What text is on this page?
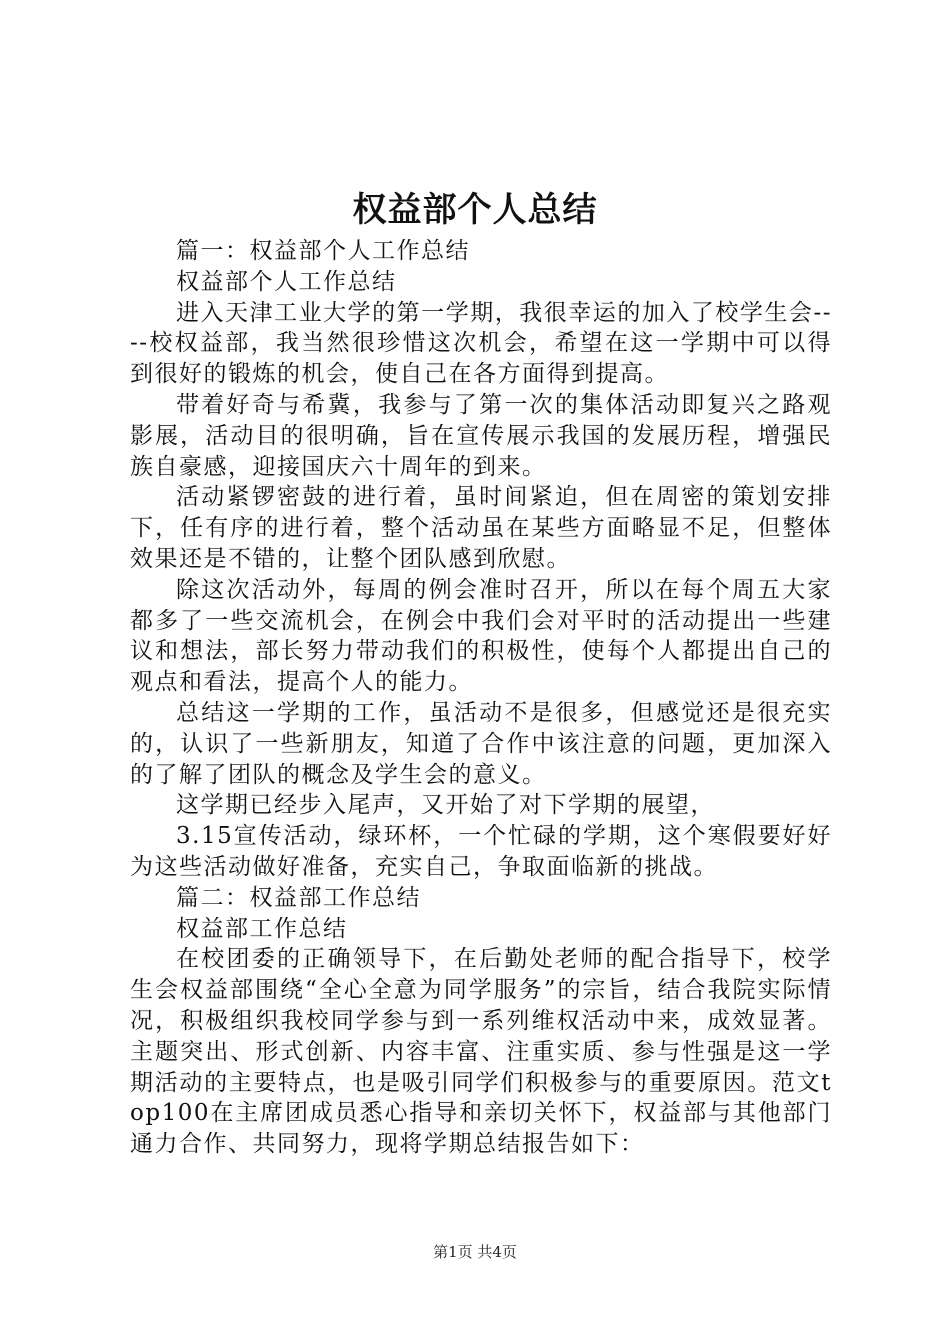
权益部个人总结

篇一：权益部个人工作总结

权益部个人工作总结

进入天津工业大学的第一学期，我很幸运的加入了校学生会----校权益部，我当然很珍惜这次机会，希望在这一学期中可以得到很好的锻炼的机会，使自己在各方面得到提高。

带着好奇与希冀，我参与了第一次的集体活动即复兴之路观影展，活动目的很明确，旨在宣传展示我国的发展历程，增强民族自豪感，迎接国庆六十周年的到来。

活动紧锣密鼓的进行着，虽时间紧迫，但在周密的策划安排下，任有序的进行着，整个活动虽在某些方面略显不足，但整体效果还是不错的，让整个团队感到欣慰。

除这次活动外，每周的例会准时召开，所以在每个周五大家都多了一些交流机会，在例会中我们会对平时的活动提出一些建议和想法，部长努力带动我们的积极性，使每个人都提出自己的观点和看法，提高个人的能力。

总结这一学期的工作，虽活动不是很多，但感觉还是很充实的，认识了一些新朋友，知道了合作中该注意的问题，更加深入的了解了团队的概念及学生会的意义。

这学期已经步入尾声，又开始了对下学期的展望，

3.15宣传活动，绿环杯，一个忙碌的学期，这个寒假要好好为这些活动做好准备，充实自己，争取面临新的挑战。

篇二：权益部工作总结

权益部工作总结

在校团委的正确领导下，在后勤处老师的配合指导下，校学生会权益部围绕“全心全意为同学服务”的宗旨，结合我院实际情况，积极组织我校同学参与到一系列维权活动中来，成效显著。主题突出、形式创新、内容丰富、注重实质、参与性强是这一学期活动的主要特点，也是吸引同学们积极参与的重要原因。范文top100在主席团成员悉心指导和亲切关怀下，权益部与其他部门通力合作、共同努力，现将学期总结报告如下：

第1页 共4页
